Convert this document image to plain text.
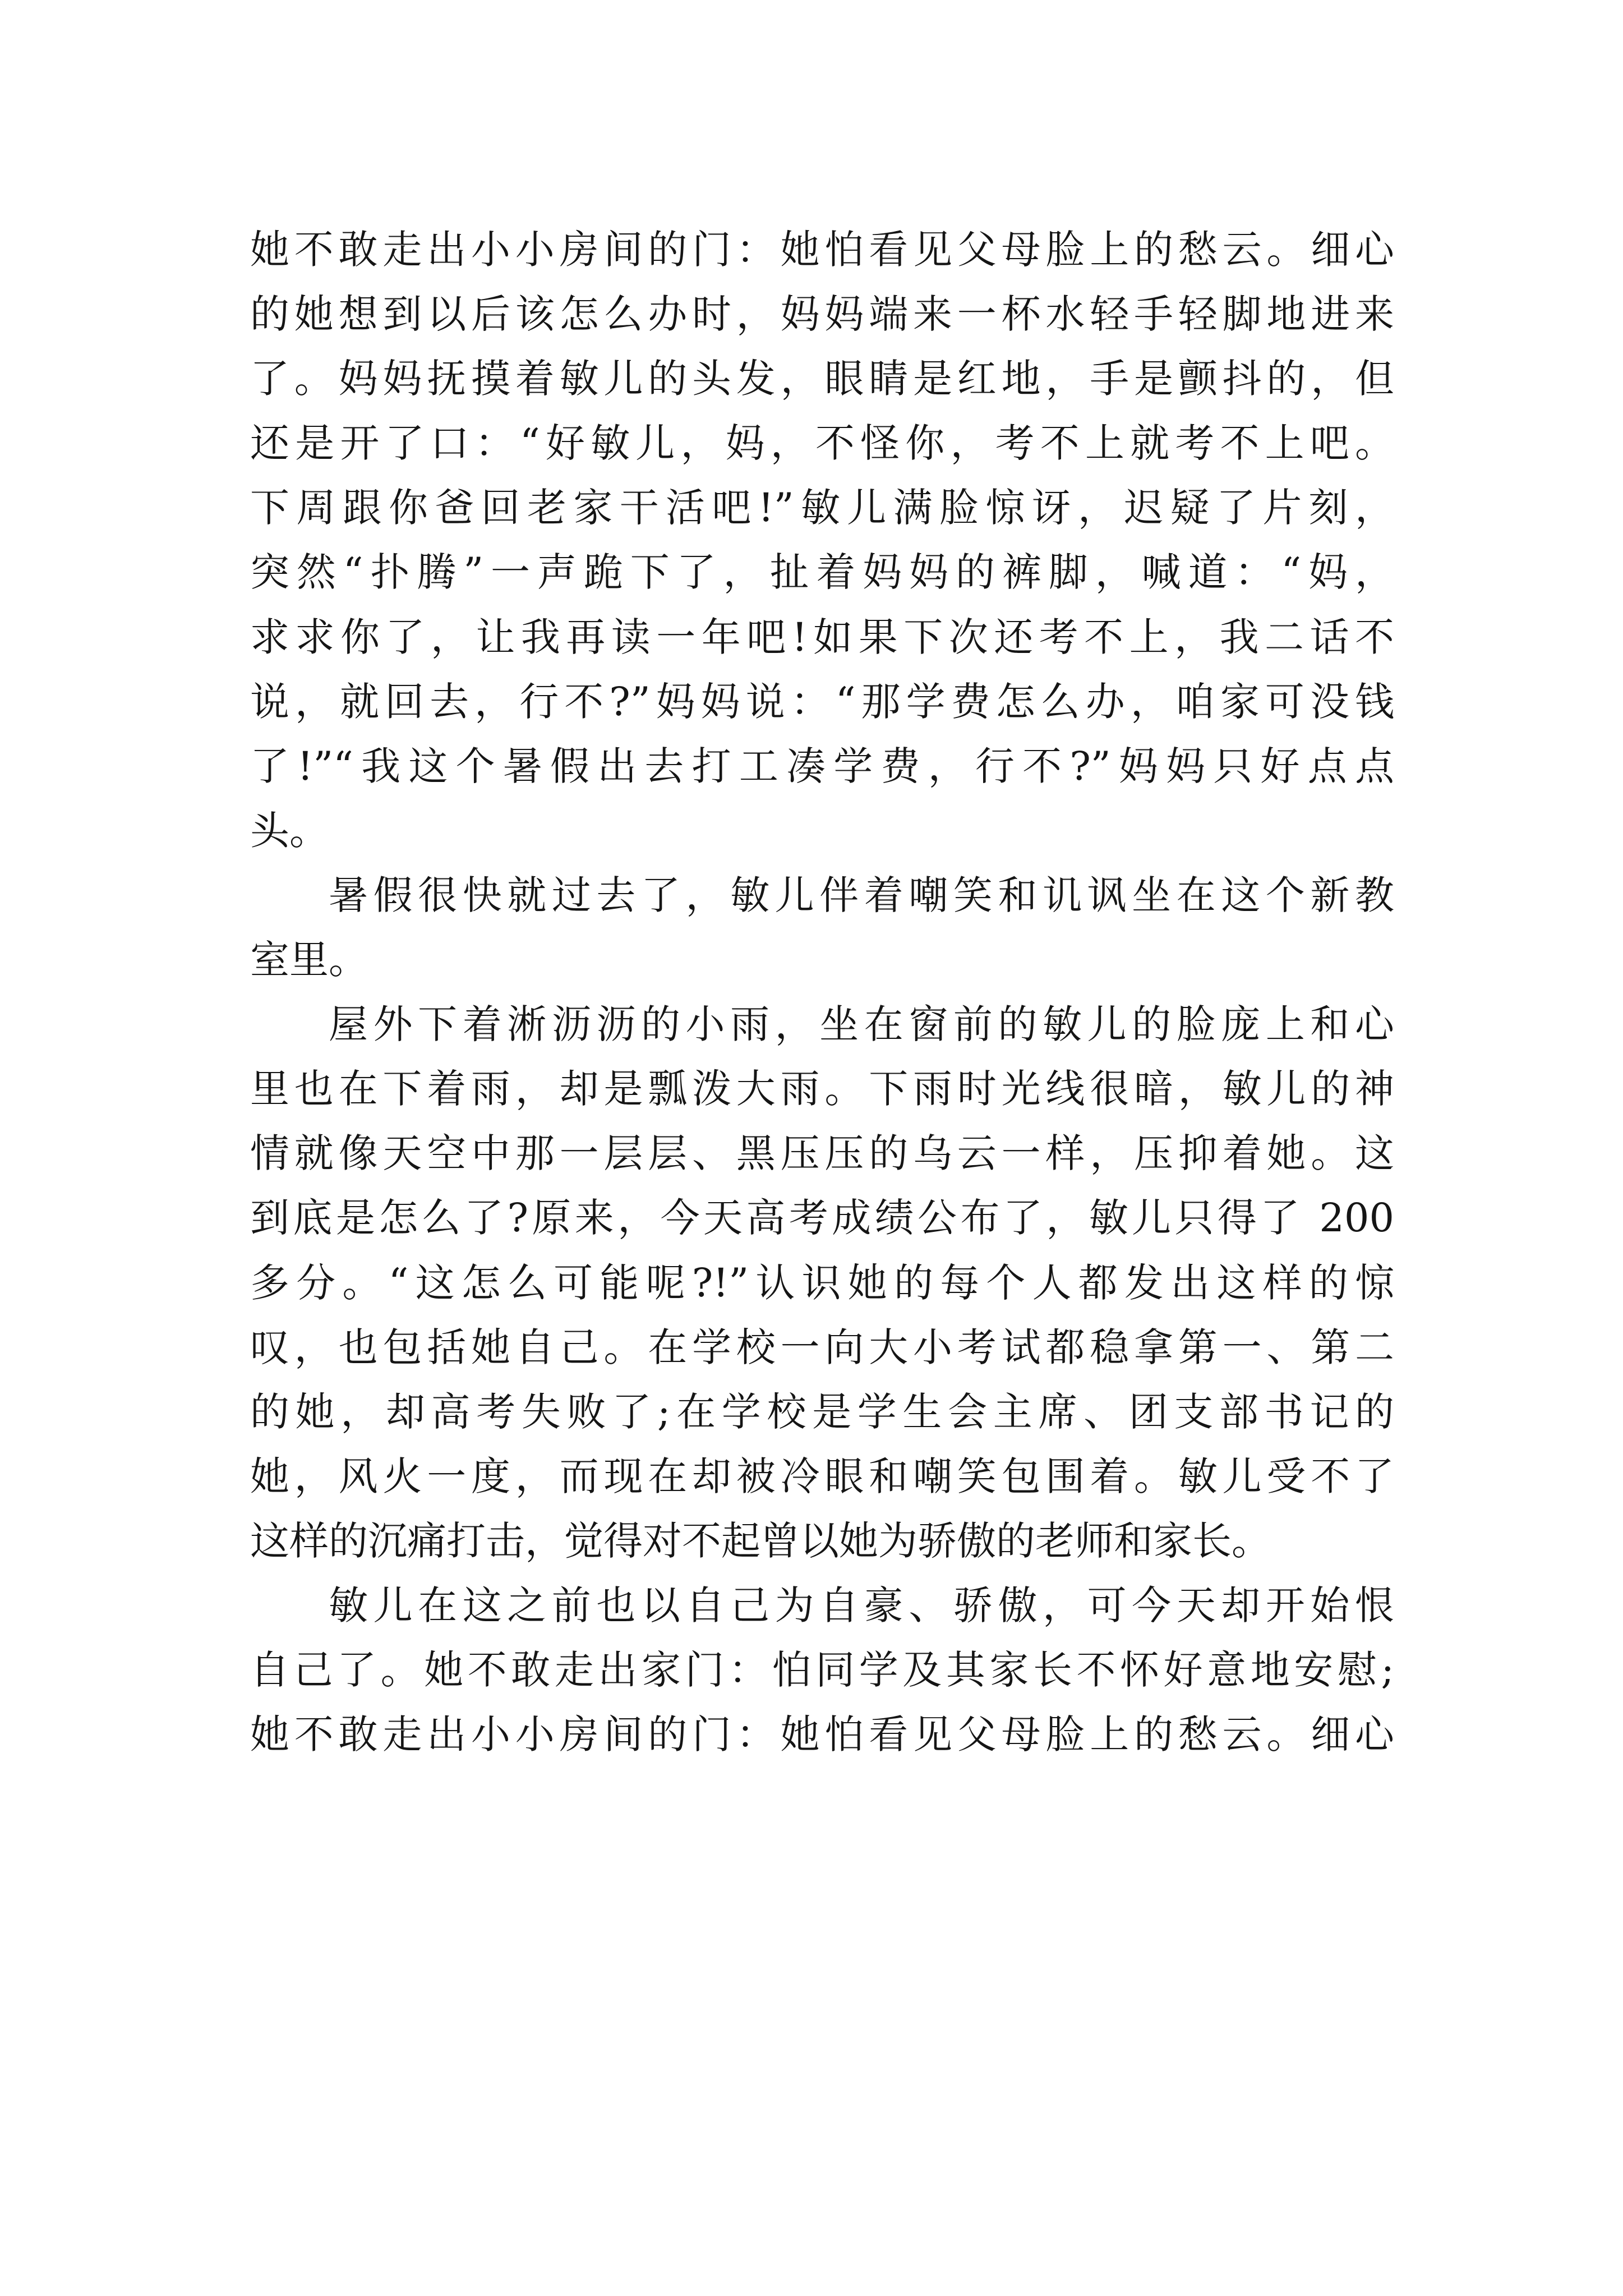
她不敢走出小小房间的门：她怕看见父母脸上的愁云。细心
的她想到以后该怎么办时，妈妈端来一杯水轻手轻脚地进来
了。妈妈抚摸着敏儿的头发，眼睛是红地，手是颤抖的，但
还是开了口：“好敏儿，妈，不怪你，考不上就考不上吧。
下周跟你爸回老家干活吧!”敏儿满脸惊讶，迟疑了片刻，
突然“扑腾”一声跪下了，扯着妈妈的裤脚，喊道：“妈，
求求你了，让我再读一年吧!如果下次还考不上，我二话不
说，就回去，行不?”妈妈说：“那学费怎么办，咱家可没钱
了!”“我这个暑假出去打工凑学费，行不?”妈妈只好点点
头。
暑假很快就过去了，敏儿伴着嘲笑和讥讽坐在这个新教
室里。
屋外下着淅沥沥的小雨，坐在窗前的敏儿的脸庞上和心
里也在下着雨，却是瓢泼大雨。下雨时光线很暗，敏儿的神
情就像天空中那一层层、黑压压的乌云一样，压抑着她。这
到底是怎么了?原来，今天高考成绩公布了，敏儿只得了 200
多分。“这怎么可能呢?!”认识她的每个人都发出这样的惊
叹，也包括她自己。在学校一向大小考试都稳拿第一、第二
的她，却高考失败了;在学校是学生会主席、团支部书记的
她，风火一度，而现在却被冷眼和嘲笑包围着。敏儿受不了
这样的沉痛打击，觉得对不起曾以她为骄傲的老师和家长。
敏儿在这之前也以自己为自豪、骄傲，可今天却开始恨
自己了。她不敢走出家门：怕同学及其家长不怀好意地安慰;
她不敢走出小小房间的门：她怕看见父母脸上的愁云。细心
